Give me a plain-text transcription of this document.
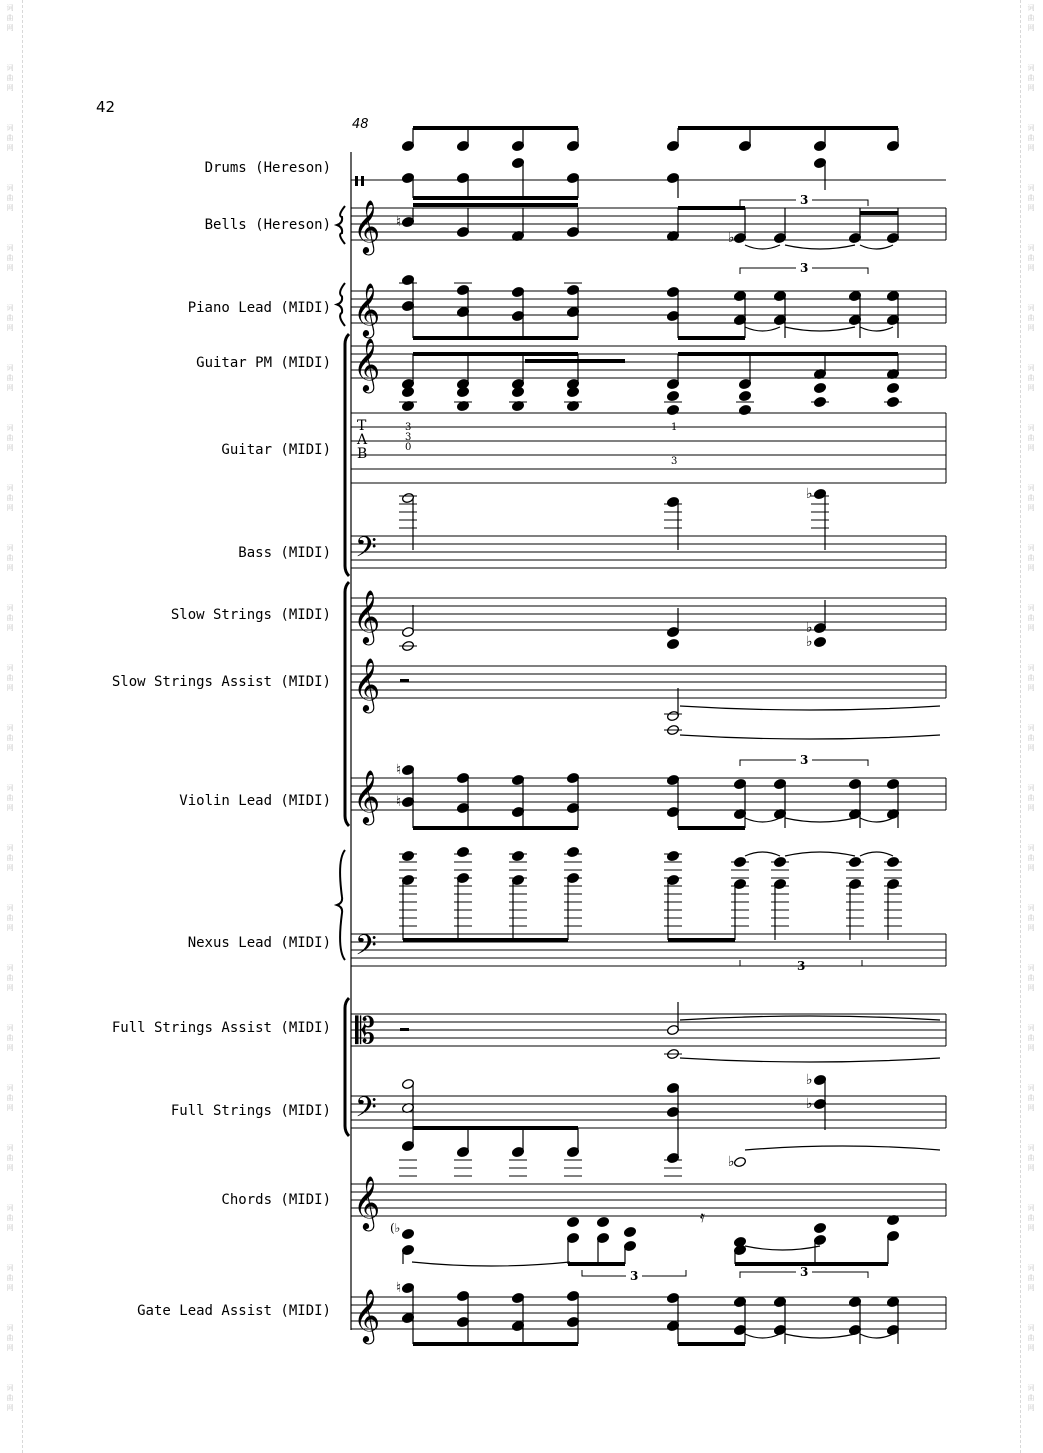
词
曲
网
词
曲
网
词
曲
网
词
曲
网
词
曲
网
词
曲
网
词
曲
网
词
曲
网
词
曲
网
词
曲
网
词
曲
网
词
曲
网
词
曲
网
词
曲
网
词
曲
网
词
曲
网
词
曲
网
词
曲
网
词
曲
网
词
曲
网
词
曲
网
词
曲
网
词
曲
网
词
曲
网
词
曲
网
词
曲
网
词
曲
网
词
曲
网
词
曲
网
词
曲
网
词
曲
网
词
曲
网
词
曲
网
词
曲
网
词
曲
网
词
曲
网
词
曲
网
词
曲
网
词
曲
网
词
曲
网
词
曲
网
词
曲
网
词
曲
网
词
曲
网
词
曲
网
词
曲
网
词
曲
网
词
曲
网
42
48
Drums (Hereson)
Bells (Hereson)
Piano Lead (MIDI)
Guitar PM (MIDI)
Guitar (MIDI)
Bass (MIDI)
Slow Strings (MIDI)
Slow Strings Assist (MIDI)
Violin Lead (MIDI)
Nexus Lead (MIDI)
Full Strings Assist (MIDI)
Full Strings (MIDI)
Chords (MIDI)
Gate Lead Assist (MIDI)
𝄞 ♮
♭
3
𝄞
3
𝄞
T
A
B
3
3
0
1
3
𝄢
♭
𝄞	♭
♭
𝄞
𝄞 ♮
♮
3
𝄢	3
𝄡
𝄢
♭
♭
𝄞
♭
(♭
𝄿
3
𝄞 ♮
3
